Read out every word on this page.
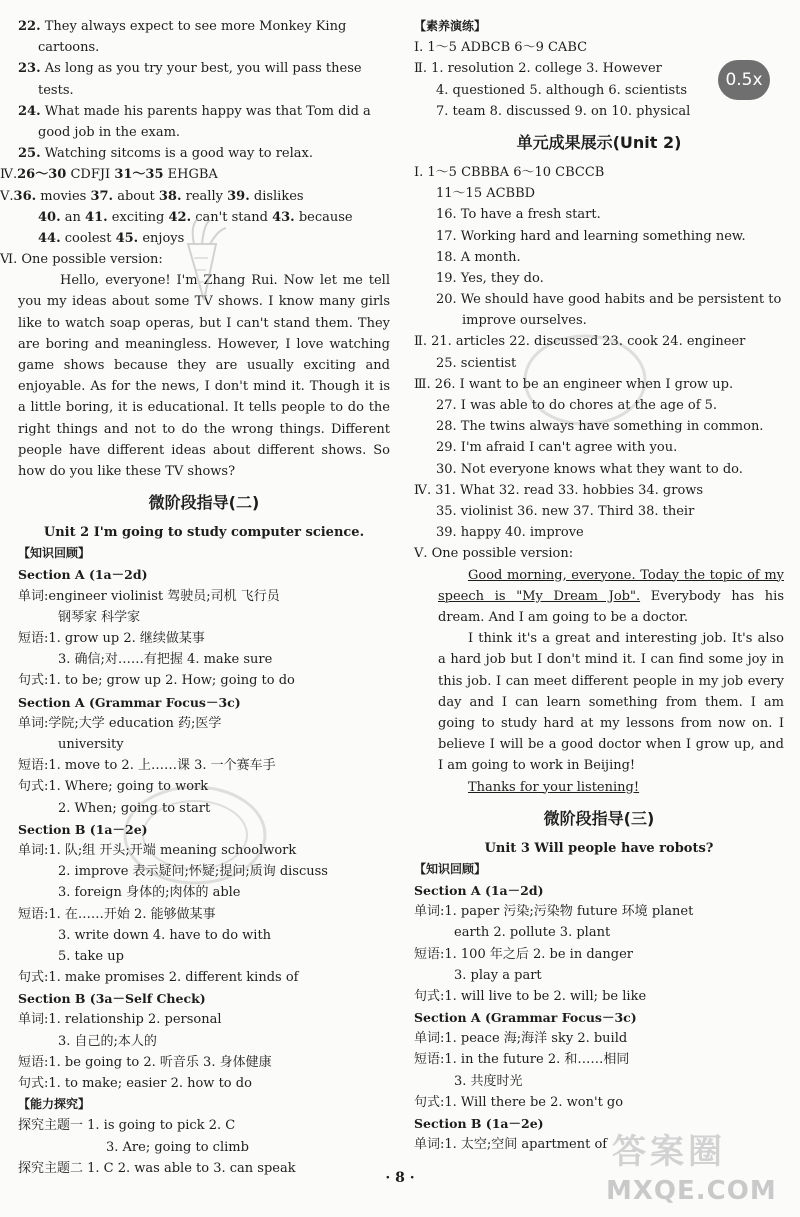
22. They always expect to see more Monkey King
cartoons.
23. As long as you try your best, you will pass these
tests.
24. What made his parents happy was that Tom did a
good job in the exam.
25. Watching sitcoms is a good way to relax.
Ⅳ.26～30 CDFJI 31～35 EHGBA
Ⅴ.36. movies 37. about 38. really 39. dislikes
40. an 41. exciting 42. can't stand 43. because
44. coolest 45. enjoys
Ⅵ. One possible version:
Hello, everyone! I'm Zhang Rui. Now let me tell you my ideas about some TV shows. I know many girls like to watch soap operas, but I can't stand them. They are boring and meaningless. However, I love watching game shows because they are usually exciting and enjoyable. As for the news, I don't mind it. Though it is a little boring, it is educational. It tells people to do the right things and not to do the wrong things. Different people have different ideas about different shows. So how do you like these TV shows?
微阶段指导(二)
Unit 2 I'm going to study computer science.
【知识回顾】
Section A (1a－2d)
单词:engineer violinist 驾驶员;司机 飞行员
钢琴家 科学家
短语:1. grow up 2. 继续做某事
3. 确信;对……有把握 4. make sure
句式:1. to be; grow up 2. How; going to do
Section A (Grammar Focus－3c)
单词:学院;大学 education 药;医学
university
短语:1. move to 2. 上……课 3. 一个赛车手
句式:1. Where; going to work
2. When; going to start
Section B (1a－2e)
单词:1. 队;组 开头;开端 meaning schoolwork
2. improve 表示疑问;怀疑;提问;质询 discuss
3. foreign 身体的;肉体的 able
短语:1. 在……开始 2. 能够做某事
3. write down 4. have to do with
5. take up
句式:1. make promises 2. different kinds of
Section B (3a－Self Check)
单词:1. relationship 2. personal
3. 自己的;本人的
短语:1. be going to 2. 听音乐 3. 身体健康
句式:1. to make; easier 2. how to do
【能力探究】
探究主题一 1. is going to pick 2. C
3. Are; going to climb
探究主题二 1. C 2. was able to 3. can speak
【素养演练】
Ⅰ. 1～5 ADBCB 6～9 CABC
Ⅱ. 1. resolution 2. college 3. However
4. questioned 5. although 6. scientists
7. team 8. discussed 9. on 10. physical
单元成果展示(Unit 2)
Ⅰ. 1～5 CBBBA 6～10 CBCCB
11～15 ACBBD
16. To have a fresh start.
17. Working hard and learning something new.
18. A month.
19. Yes, they do.
20. We should have good habits and be persistent to
improve ourselves.
Ⅱ. 21. articles 22. discussed 23. cook 24. engineer
25. scientist
Ⅲ. 26. I want to be an engineer when I grow up.
27. I was able to do chores at the age of 5.
28. The twins always have something in common.
29. I'm afraid I can't agree with you.
30. Not everyone knows what they want to do.
Ⅳ. 31. What 32. read 33. hobbies 34. grows
35. violinist 36. new 37. Third 38. their
39. happy 40. improve
Ⅴ. One possible version:
Good morning, everyone. Today the topic of my speech is "My Dream Job". Everybody has his dream. And I am going to be a doctor.
I think it's a great and interesting job. It's also a hard job but I don't mind it. I can find some joy in this job. I can meet different people in my job every day and I can learn something from them. I am going to study hard at my lessons from now on. I believe I will be a good doctor when I grow up, and I am going to work in Beijing!
Thanks for your listening!
微阶段指导(三)
Unit 3 Will people have robots?
【知识回顾】
Section A (1a－2d)
单词:1. paper 污染;污染物 future 环境 planet
earth 2. pollute 3. plant
短语:1. 100 年之后 2. be in danger
3. play a part
句式:1. will live to be 2. will; be like
Section A (Grammar Focus－3c)
单词:1. peace 海;海洋 sky 2. build
短语:1. in the future 2. 和……相同
3. 共度时光
句式:1. Will there be 2. won't go
Section B (1a－2e)
单词:1. 太空;空间 apartment of
0.5x
· 8 ·
答案圈
MXQE.COM
